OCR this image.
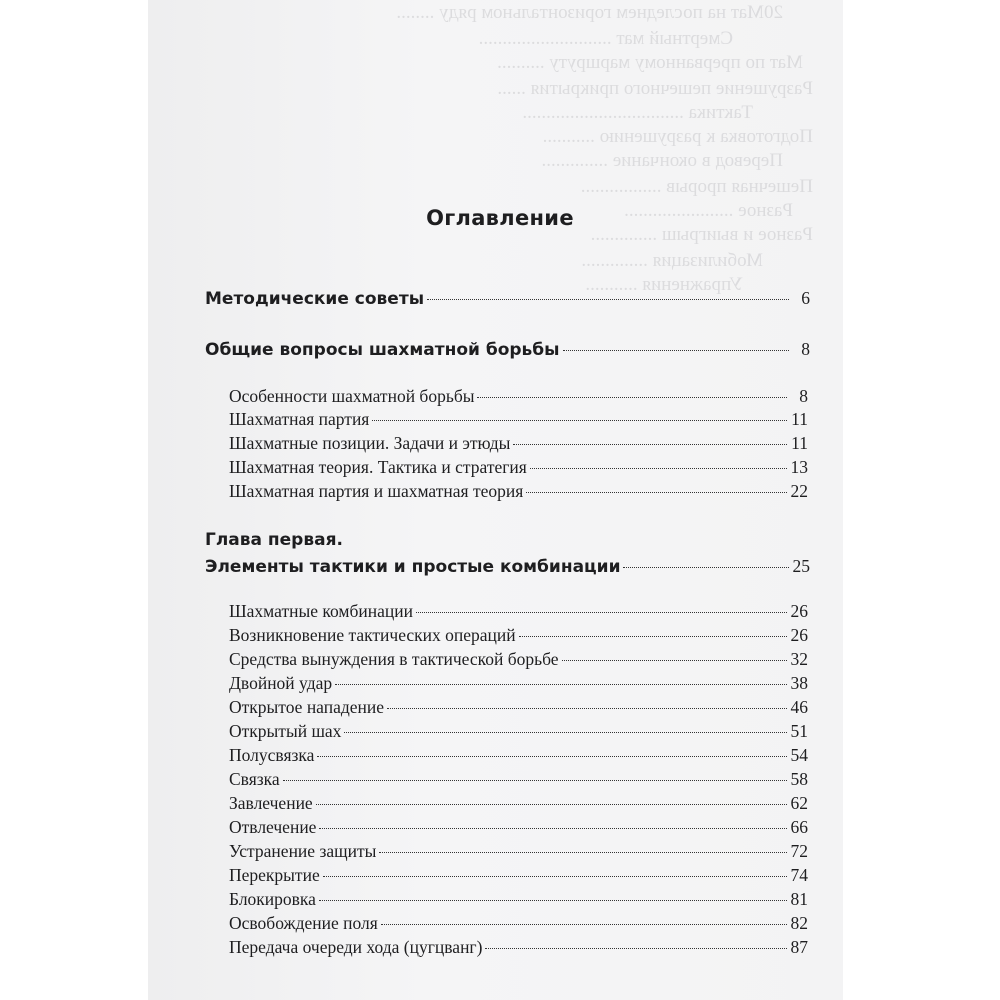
20Мат на последнем горизонтальном ряду ........
Смертный мат ............................
Мат по прерванному маршруту ..........
Разрушение пешечного прикрытия ......
Тактика ..................................
Подготовка к разрушению ...........
Перевод в окончание ..............
Пешечная прорыв .................
Разное .......................
Разное и выигрыш ..............
Мобилизация ..............
Упражнения ...........
Оглавление
Методические советы	6
Общие вопросы шахматной борьбы	8
Особенности шахматной борьбы	8
Шахматная партия	11
Шахматные позиции. Задачи и этюды	11
Шахматная теория. Тактика и стратегия	13
Шахматная партия и шахматная теория	22
Глава первая.
Элементы тактики и простые комбинации	25
Шахматные комбинации	26
Возникновение тактических операций	26
Средства вынуждения в тактической борьбе	32
Двойной удар	38
Открытое нападение	46
Открытый шах	51
Полусвязка	54
Связка	58
Завлечение	62
Отвлечение	66
Устранение защиты	72
Перекрытие	74
Блокировка	81
Освобождение поля	82
Передача очереди хода (цугцванг)	87
